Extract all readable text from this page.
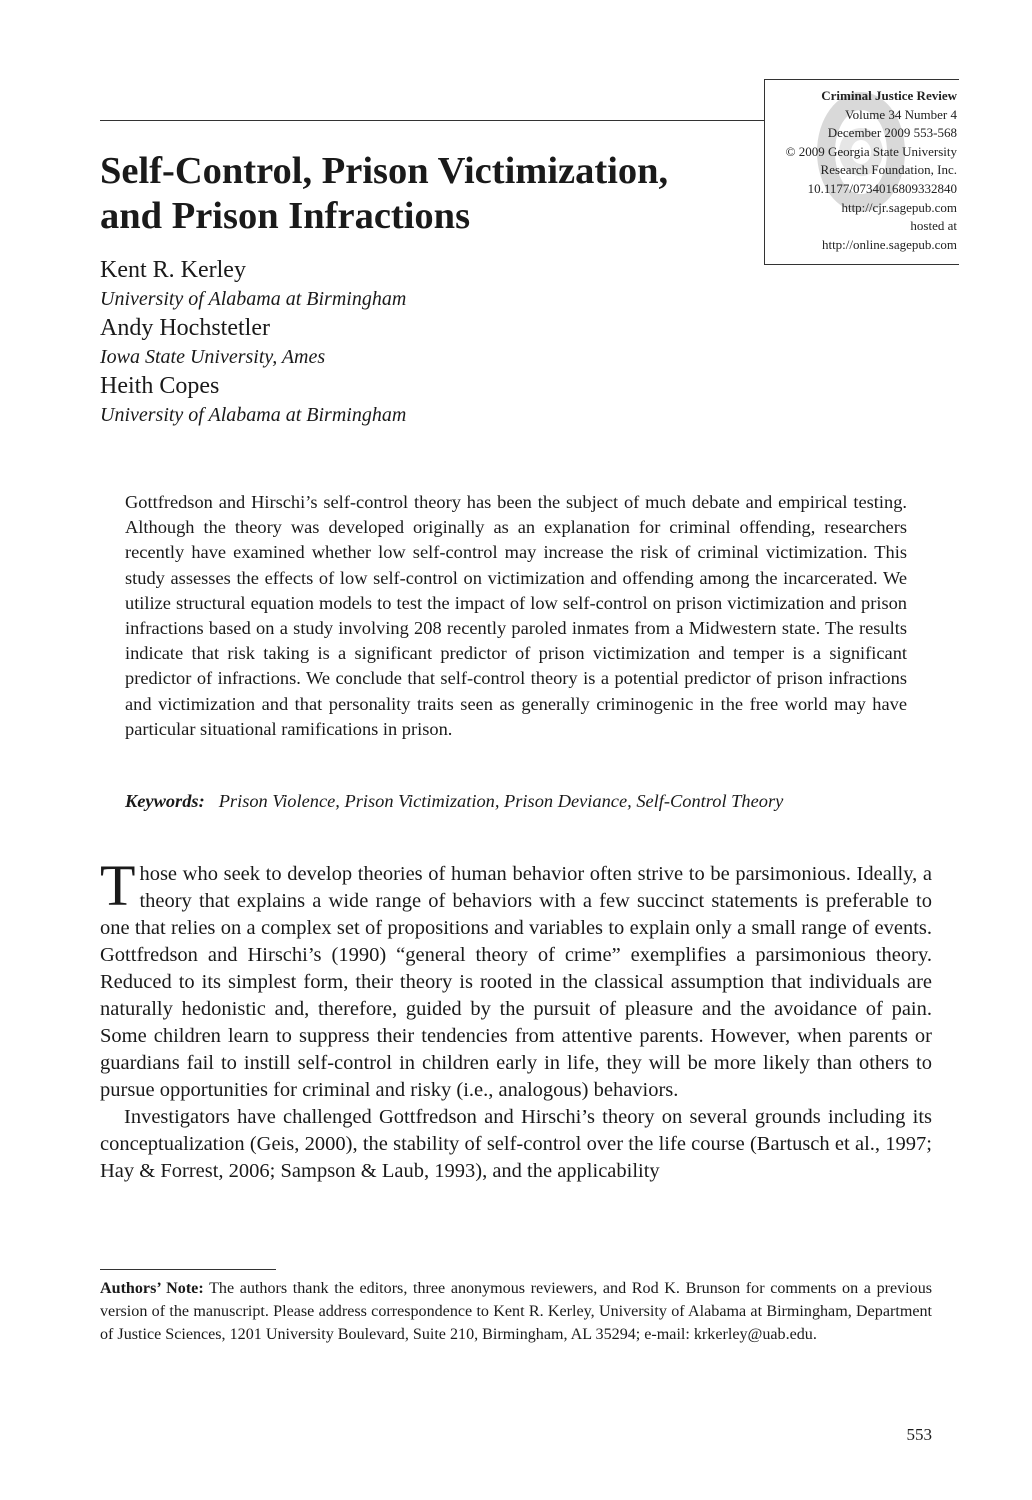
Criminal Justice Review
Volume 34 Number 4
December 2009 553-568
© 2009 Georgia State University
Research Foundation, Inc.
10.1177/0734016809332840
http://cjr.sagepub.com
hosted at
http://online.sagepub.com
Self-Control, Prison Victimization,
and Prison Infractions
Kent R. Kerley
University of Alabama at Birmingham
Andy Hochstetler
Iowa State University, Ames
Heith Copes
University of Alabama at Birmingham

Gottfredson and Hirschi’s self-control theory has been the subject of much debate and empirical testing. Although the theory was developed originally as an explanation for criminal offending, researchers recently have examined whether low self-control may increase the risk of criminal victimization. This study assesses the effects of low self-control on victimization and offending among the incarcerated. We utilize structural equation models to test the impact of low self-control on prison victimization and prison infractions based on a study involving 208 recently paroled inmates from a Midwestern state. The results indicate that risk taking is a significant predictor of prison victimization and temper is a significant predictor of infractions. We conclude that self-control theory is a potential predictor of prison infractions and victimization and that personality traits seen as generally criminogenic in the free world may have particular situational ramifications in prison.

Keywords: Prison Violence, Prison Victimization, Prison Deviance, Self-Control Theory

Those who seek to develop theories of human behavior often strive to be parsimonious. Ideally, a theory that explains a wide range of behaviors with a few succinct statements is preferable to one that relies on a complex set of propositions and variables to explain only a small range of events. Gottfredson and Hirschi’s (1990) “general theory of crime” exemplifies a parsimonious theory. Reduced to its simplest form, their theory is rooted in the classical assumption that individuals are naturally hedonistic and, therefore, guided by the pursuit of pleasure and the avoidance of pain. Some children learn to suppress their tendencies from attentive parents. However, when parents or guardians fail to instill self-control in children early in life, they will be more likely than others to pursue opportunities for criminal and risky (i.e., analogous) behaviors.

Investigators have challenged Gottfredson and Hirschi’s theory on several grounds including its conceptualization (Geis, 2000), the stability of self-control over the life course (Bartusch et al., 1997; Hay & Forrest, 2006; Sampson & Laub, 1993), and the applicability

Authors’ Note: The authors thank the editors, three anonymous reviewers, and Rod K. Brunson for comments on a previous version of the manuscript. Please address correspondence to Kent R. Kerley, University of Alabama at Birmingham, Department of Justice Sciences, 1201 University Boulevard, Suite 210, Birmingham, AL 35294; e-mail: krkerley@uab.edu.

553
